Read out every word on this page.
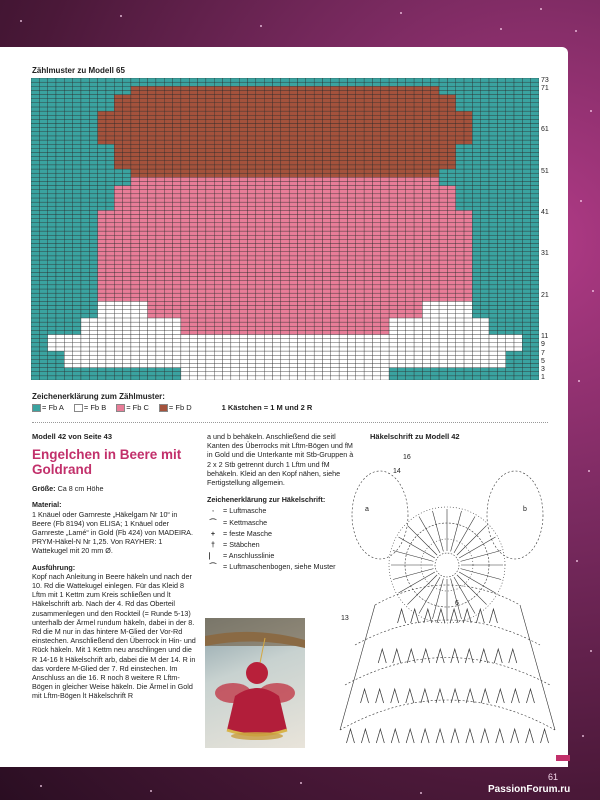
Zählmuster zu Modell 65
73
71
61
51
41
31
21
11
9
7
5
3
1
Zeichenerklärung zum Zählmuster:
= Fb A	= Fb B	= Fb C	= Fb D	1 Kästchen = 1 M und 2 R
Modell 42 von Seite 43
Engelchen in Beere mit Goldrand
Größe: Ca 8 cm Höhe
Material:
1 Knäuel oder Garnreste „Häkelgarn Nr 10“ in Beere (Fb 8194) von ELISA; 1 Knäuel oder Garnreste „Lamé“ in Gold (Fb 424) von MADEIRA. PRYM-Häkel-N Nr 1,25. Von RAYHER: 1 Wattekugel mit 20 mm Ø.
Ausführung:
Kopf nach Anleitung in Beere häkeln und nach der 10. Rd die Wattekugel einlegen. Für das Kleid 8 Lftm mit 1 Kettm zum Kreis schließen und lt Häkelschrift arb. Nach der 4. Rd das Oberteil zusammenlegen und den Rockteil (= Runde 5-13) unterhalb der Ärmel rundum häkeln, dabei in der 8. Rd die M nur in das hintere M-Glied der Vor-Rd einstechen. Anschließend den Überrock in Hin- und Rück häkeln. Mit 1 Kettm neu anschlingen und die R 14-16 lt Häkelschrift arb, dabei die M der 14. R in das vordere M-Glied der 7. Rd einstechen. Im Anschluss an die 16. R noch 8 weitere R Lftm-Bögen in gleicher Weise häkeln. Die Ärmel in Gold mit Lftm-Bögen lt Häkelschrift R
a und b behäkeln. Anschließend die seitl Kanten des Überrocks mit Lftm-Bögen und fM in Gold und die Unterkante mit Stb-Gruppen à 2 x 2 Stb getrennt durch 1 Lftm und fM behäkeln. Kleid an den Kopf nähen, siehe Fertigstellung allgemein.
Zeichenerklärung zur Häkelschrift:
◦	= Luftmasche
⌒ = Kettmasche
+	= feste Masche
†	= Stäbchen
⎸ = Anschlusslinie
⌒ = Luftmaschenbogen, siehe Muster
Häkelschrift zu Modell 42
16
14
13
a	b
6
61
PassionForum.ru
